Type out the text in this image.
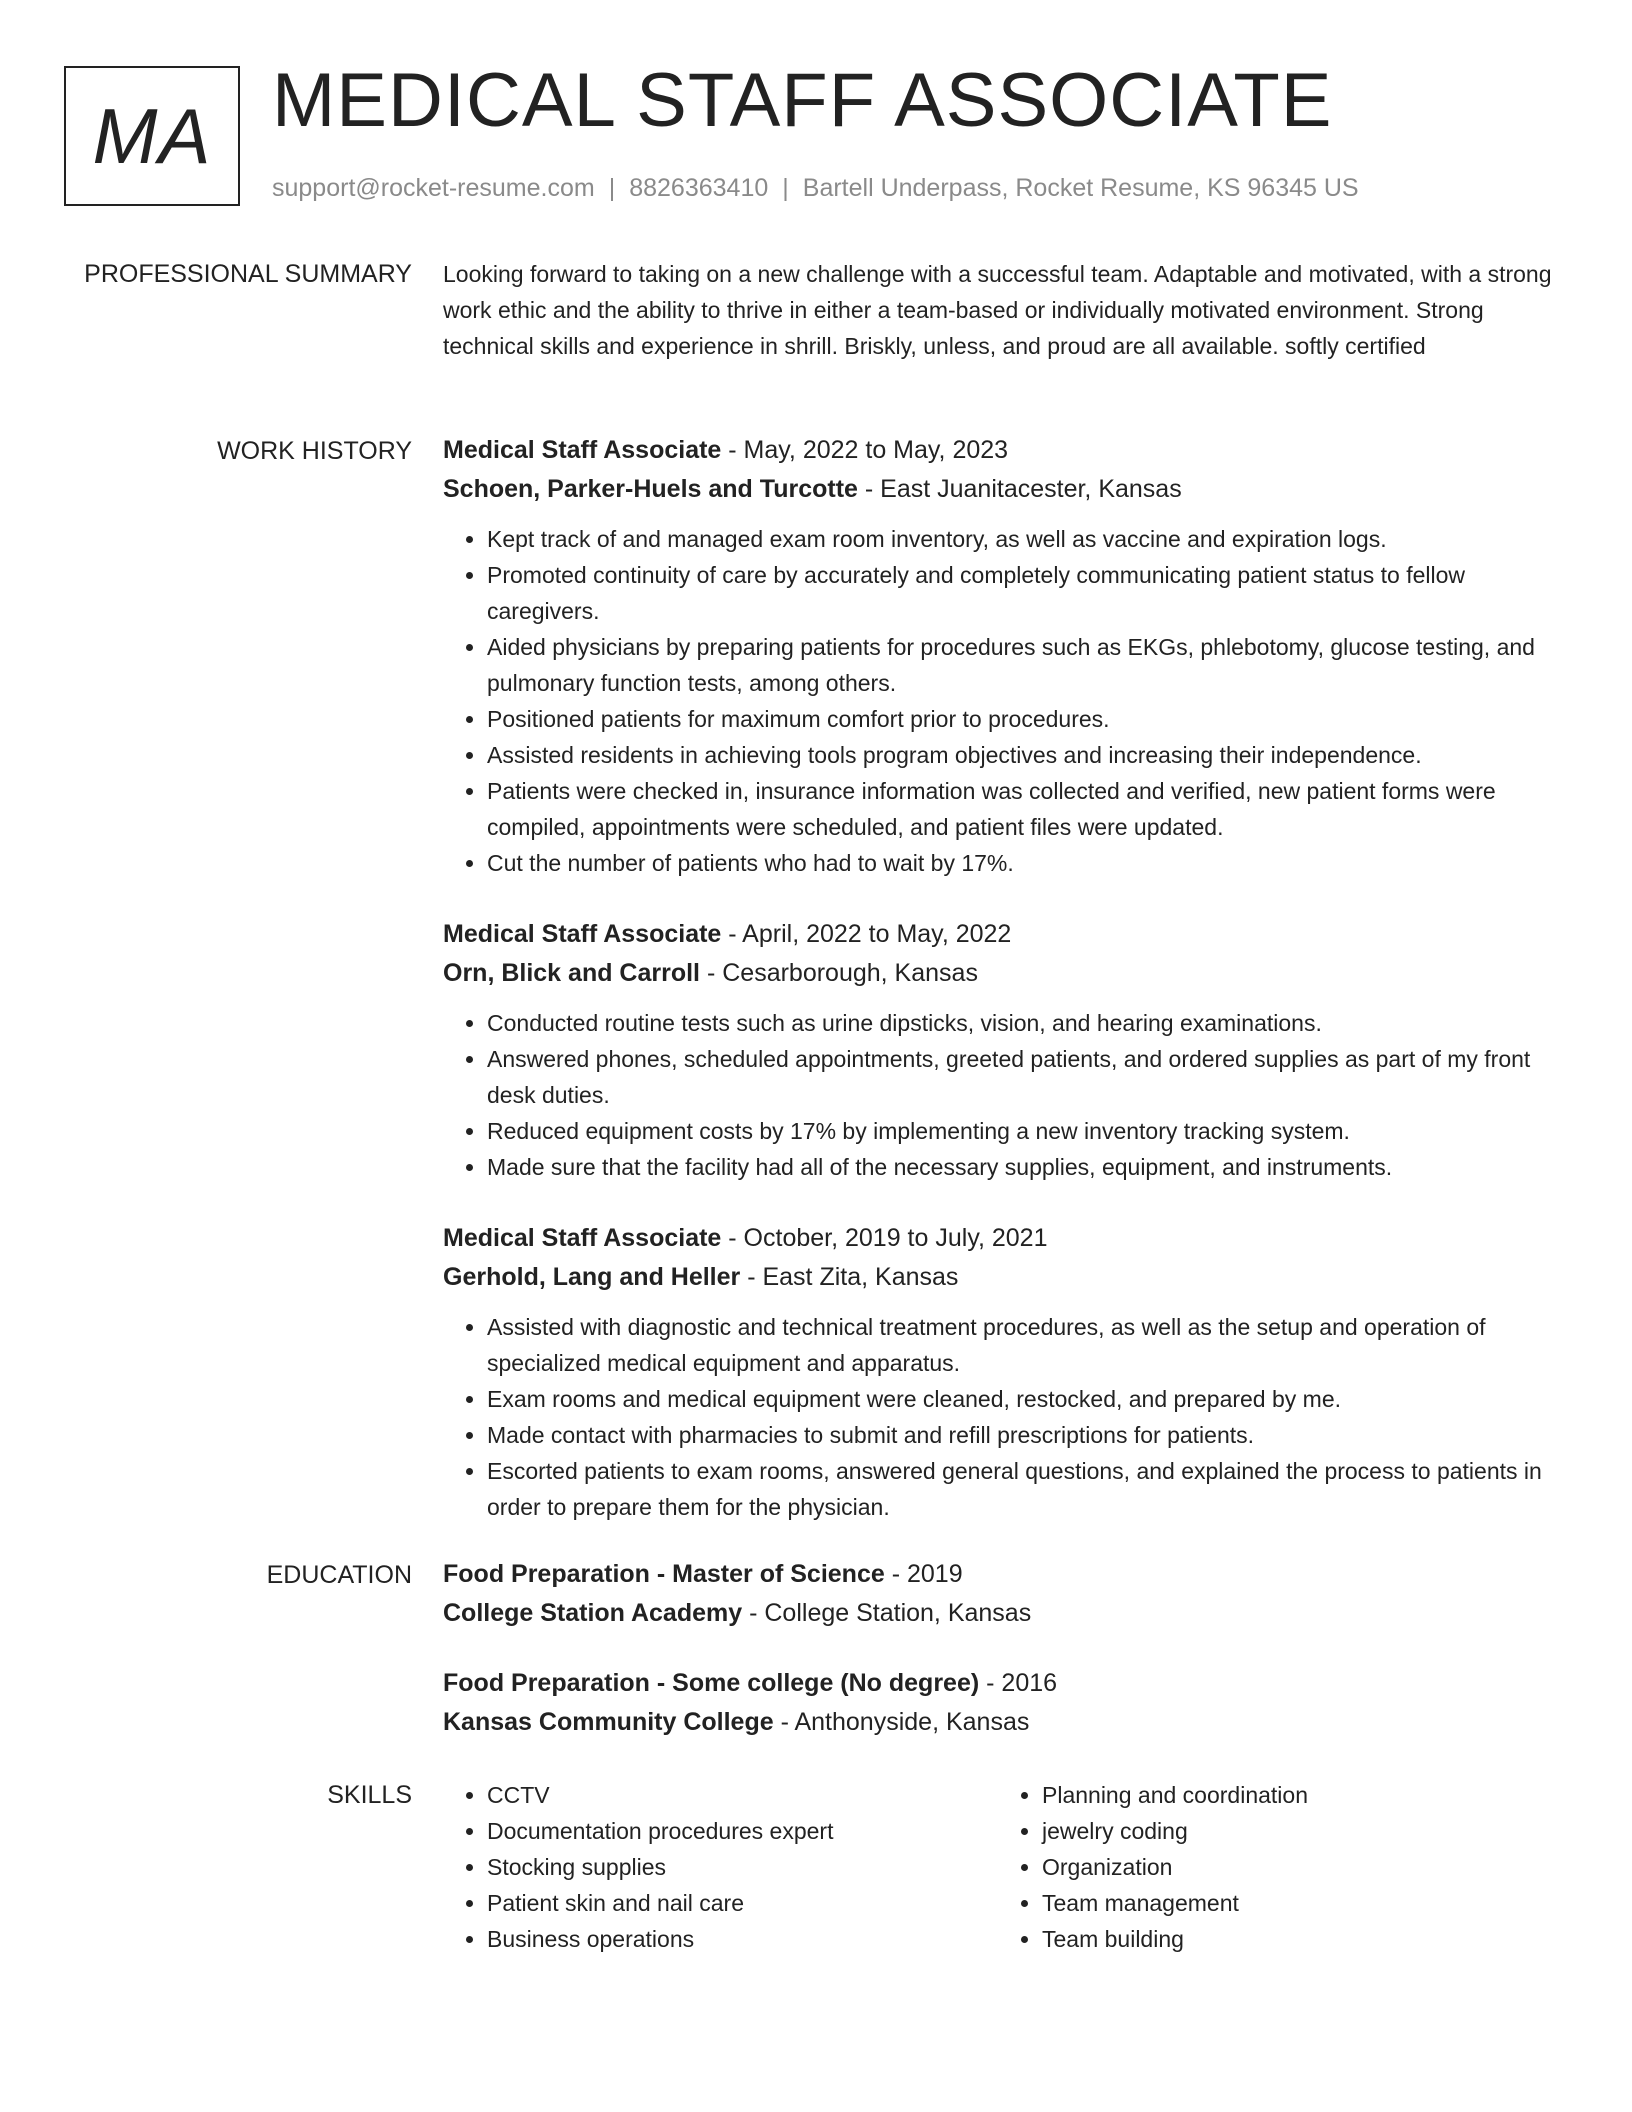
MA MEDICAL STAFF ASSOCIATE
support@rocket-resume.com | 8826363410 | Bartell Underpass, Rocket Resume, KS 96345 US
PROFESSIONAL SUMMARY Looking forward to taking on a new challenge with a successful team. Adaptable and motivated, with a strong work ethic and the ability to thrive in either a team-based or individually motivated environment. Strong technical skills and experience in shrill. Briskly, unless, and proud are all available. softly certified

WORK HISTORY Medical Staff Associate - May, 2022 to May, 2023
Schoen, Parker-Huels and Turcotte - East Juanitacester, Kansas
• Kept track of and managed exam room inventory, as well as vaccine and expiration logs.
• Promoted continuity of care by accurately and completely communicating patient status to fellow caregivers.
• Aided physicians by preparing patients for procedures such as EKGs, phlebotomy, glucose testing, and pulmonary function tests, among others.
• Positioned patients for maximum comfort prior to procedures.
• Assisted residents in achieving tools program objectives and increasing their independence.
• Patients were checked in, insurance information was collected and verified, new patient forms were compiled, appointments were scheduled, and patient files were updated.
• Cut the number of patients who had to wait by 17%.
Medical Staff Associate - April, 2022 to May, 2022
Orn, Blick and Carroll - Cesarborough, Kansas
• Conducted routine tests such as urine dipsticks, vision, and hearing examinations.
• Answered phones, scheduled appointments, greeted patients, and ordered supplies as part of my front desk duties.
• Reduced equipment costs by 17% by implementing a new inventory tracking system.
• Made sure that the facility had all of the necessary supplies, equipment, and instruments.
Medical Staff Associate - October, 2019 to July, 2021
Gerhold, Lang and Heller - East Zita, Kansas
• Assisted with diagnostic and technical treatment procedures, as well as the setup and operation of specialized medical equipment and apparatus.
• Exam rooms and medical equipment were cleaned, restocked, and prepared by me.
• Made contact with pharmacies to submit and refill prescriptions for patients.
• Escorted patients to exam rooms, answered general questions, and explained the process to patients in order to prepare them for the physician.
EDUCATION Food Preparation - Master of Science - 2019
College Station Academy - College Station, Kansas
Food Preparation - Some college (No degree) - 2016
Kansas Community College - Anthonyside, Kansas
SKILLS
•	CCTV
• Documentation procedures expert
• Stocking supplies
• Patient skin and nail care
• Business operations
• Planning and coordination
• jewelry coding
• Organization
• Team management
• Team building
